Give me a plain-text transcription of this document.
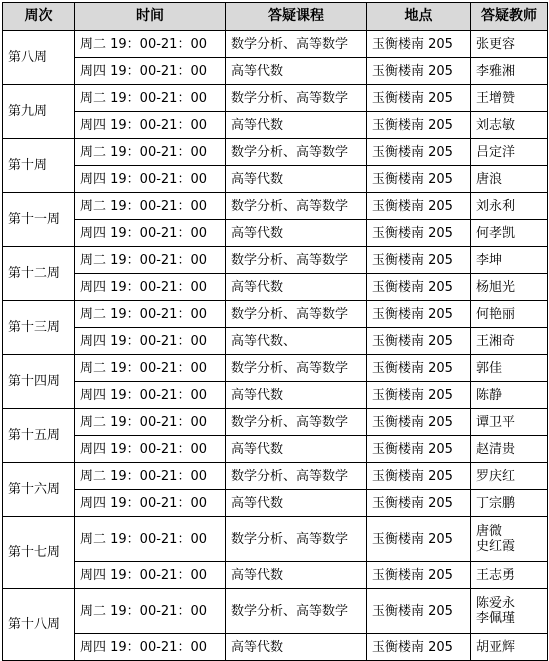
周次	时间	答疑课程	地点	答疑教师
第八周	周二 19：00-21：00	数学分析、高等数学	玉衡楼南 205	张更容

	周四 19：00-21：00	高等代数	玉衡楼南 205	李雅湘

第九周	周二 19：00-21：00	数学分析、高等数学	玉衡楼南 205	王增赞

	周四 19：00-21：00	高等代数	玉衡楼南 205	刘志敏

第十周	周二 19：00-21：00	数学分析、高等数学	玉衡楼南 205	吕定洋

	周四 19：00-21：00	高等代数	玉衡楼南 205	唐浪

第十一周	周二 19：00-21：00	数学分析、高等数学	玉衡楼南 205	刘永利

	周四 19：00-21：00	高等代数	玉衡楼南 205	何孝凯

第十二周	周二 19：00-21：00	数学分析、高等数学	玉衡楼南 205	李坤

	周四 19：00-21：00	高等代数	玉衡楼南 205	杨旭光

第十三周	周二 19：00-21：00	数学分析、高等数学	玉衡楼南 205	何艳丽

	周四 19：00-21：00	高等代数、	玉衡楼南 205	王湘奇

第十四周	周二 19：00-21：00	数学分析、高等数学	玉衡楼南 205	郭佳

	周四 19：00-21：00	高等代数	玉衡楼南 205	陈静

第十五周	周二 19：00-21：00	数学分析、高等数学	玉衡楼南 205	谭卫平

	周四 19：00-21：00	高等代数	玉衡楼南 205	赵清贵

第十六周	周二 19：00-21：00	数学分析、高等数学	玉衡楼南 205	罗庆红

	周四 19：00-21：00	高等代数	玉衡楼南 205	丁宗鹏

第十七周	周二 19：00-21：00	数学分析、高等数学	玉衡楼南 205	唐微
史红霞

	周四 19：00-21：00	高等代数	玉衡楼南 205	王志勇

第十八周	周二 19：00-21：00	数学分析、高等数学	玉衡楼南 205	陈爱永
李佩瑾

	周四 19：00-21：00	高等代数	玉衡楼南 205	胡亚辉
